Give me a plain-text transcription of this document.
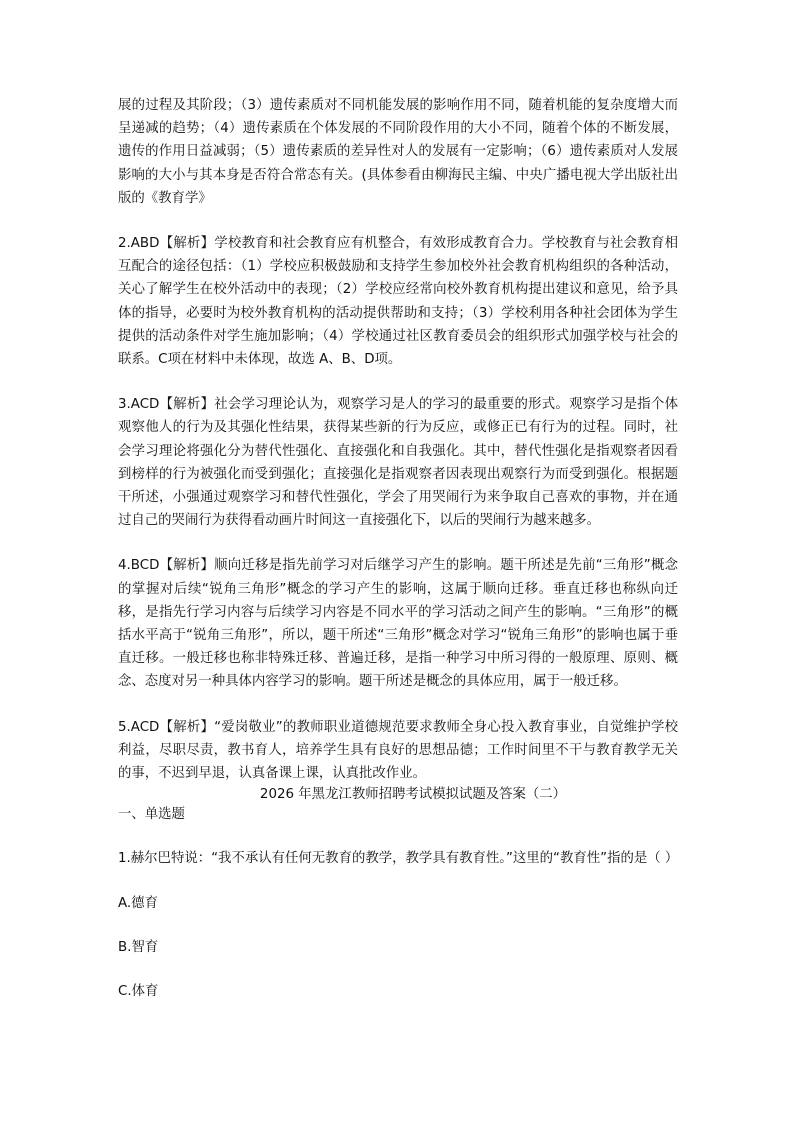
展的过程及其阶段；（3）遗传素质对不同机能发展的影响作用不同，随着机能的复杂度增大而呈递减的趋势；（4）遗传素质在个体发展的不同阶段作用的大小不同，随着个体的不断发展，遗传的作用日益减弱；（5）遗传素质的差异性对人的发展有一定影响；（6）遗传素质对人发展影响的大小与其本身是否符合常态有关。(具体参看由柳海民主编、中央广播电视大学出版社出版的《教育学》

2.ABD【解析】学校教育和社会教育应有机整合，有效形成教育合力。学校教育与社会教育相互配合的途径包括：（1）学校应积极鼓励和支持学生参加校外社会教育机构组织的各种活动，关心了解学生在校外活动中的表现；（2）学校应经常向校外教育机构提出建议和意见，给予具体的指导，必要时为校外教育机构的活动提供帮助和支持；（3）学校利用各种社会团体为学生提供的活动条件对学生施加影响；（4）学校通过社区教育委员会的组织形式加强学校与社会的联系。C项在材料中未体现，故选 A、B、D项。

3.ACD【解析】社会学习理论认为，观察学习是人的学习的最重要的形式。观察学习是指个体观察他人的行为及其强化性结果，获得某些新的行为反应，或修正已有行为的过程。同时，社会学习理论将强化分为替代性强化、直接强化和自我强化。其中，替代性强化是指观察者因看到榜样的行为被强化而受到强化；直接强化是指观察者因表现出观察行为而受到强化。根据题干所述，小强通过观察学习和替代性强化，学会了用哭闹行为来争取自己喜欢的事物，并在通过自己的哭闹行为获得看动画片时间这一直接强化下，以后的哭闹行为越来越多。

4.BCD【解析】顺向迁移是指先前学习对后继学习产生的影响。题干所述是先前“三角形”概念的掌握对后续“锐角三角形”概念的学习产生的影响，这属于顺向迁移。垂直迁移也称纵向迁移，是指先行学习内容与后续学习内容是不同水平的学习活动之间产生的影响。“三角形”的概括水平高于“锐角三角形”，所以，题干所述“三角形”概念对学习“锐角三角形”的影响也属于垂直迁移。一般迁移也称非特殊迁移、普遍迁移，是指一种学习中所习得的一般原理、原则、概念、态度对另一种具体内容学习的影响。题干所述是概念的具体应用，属于一般迁移。

5.ACD【解析】“爱岗敬业”的教师职业道德规范要求教师全身心投入教育事业，自觉维护学校利益，尽职尽责，教书育人，培养学生具有良好的思想品德；工作时间里不干与教育教学无关的事，不迟到早退，认真备课上课，认真批改作业。

2026 年黑龙江教师招聘考试模拟试题及答案（二）

一、单选题

1.赫尔巴特说：“我不承认有任何无教育的教学，教学具有教育性。”这里的“教育性”指的是（ ）

A.德育

B.智育

C.体育
